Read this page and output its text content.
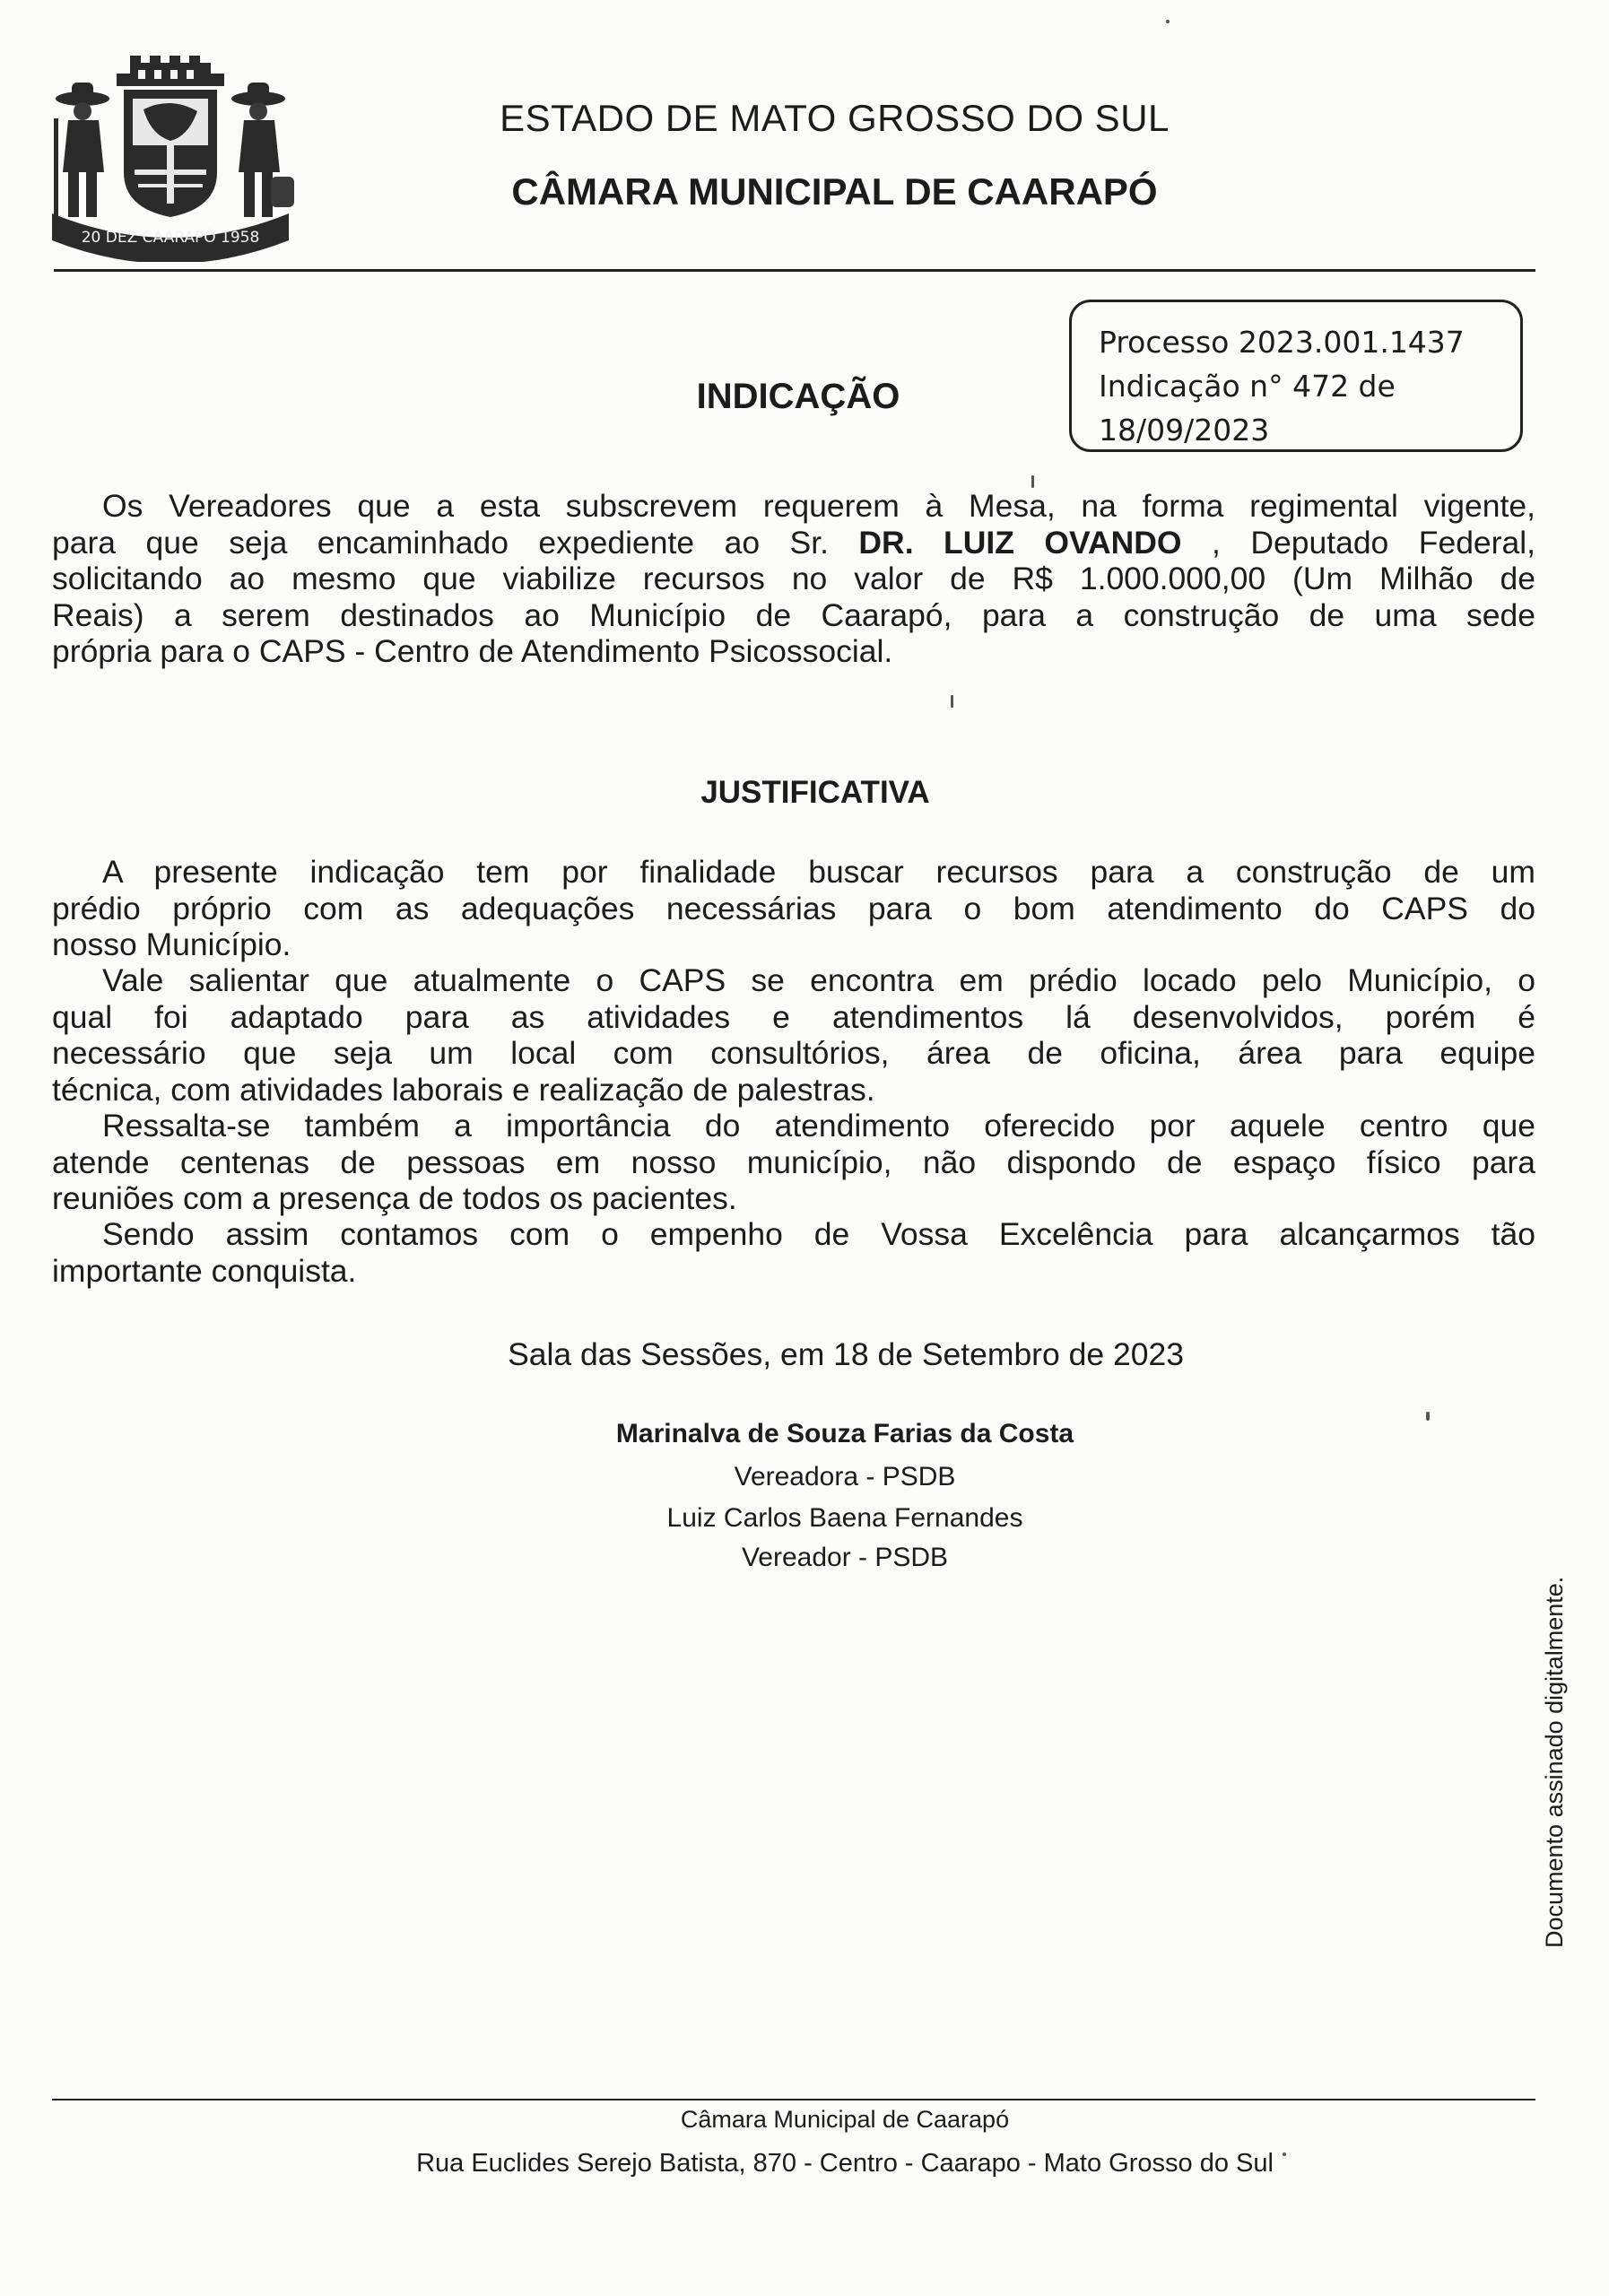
20 DEZ CAARAPÓ 1958
ESTADO DE MATO GROSSO DO SUL
CÂMARA MUNICIPAL DE CAARAPÓ
Processo 2023.001.1437
Indicação n° 472 de
18/09/2023
INDICAÇÃO
Os Vereadores que a esta subscrevem requerem à Mesa, na forma regimental vigente,
para que seja encaminhado expediente ao Sr. DR. LUIZ OVANDO , Deputado Federal,
solicitando ao mesmo que viabilize recursos no valor de R$ 1.000.000,00 (Um Milhão de
Reais) a serem destinados ao Município de Caarapó, para a construção de uma sede
própria para o CAPS - Centro de Atendimento Psicossocial.
JUSTIFICATIVA
A presente indicação tem por finalidade buscar recursos para a construção de um
prédio próprio com as adequações necessárias para o bom atendimento do CAPS do
nosso Município.
Vale salientar que atualmente o CAPS se encontra em prédio locado pelo Município, o
qual foi adaptado para as atividades e atendimentos lá desenvolvidos, porém é
necessário que seja um local com consultórios, área de oficina, área para equipe
técnica, com atividades laborais e realização de palestras.
Ressalta-se também a importância do atendimento oferecido por aquele centro que
atende centenas de pessoas em nosso município, não dispondo de espaço físico para
reuniões com a presença de todos os pacientes.
Sendo assim contamos com o empenho de Vossa Excelência para alcançarmos tão
importante conquista.
Sala das Sessões, em 18 de Setembro de 2023
Marinalva de Souza Farias da Costa
Vereadora - PSDB
Luiz Carlos Baena Fernandes
Vereador - PSDB
Documento assinado digitalmente.
Câmara Municipal de Caarapó
Rua Euclides Serejo Batista, 870 - Centro - Caarapo - Mato Grosso do Sul
